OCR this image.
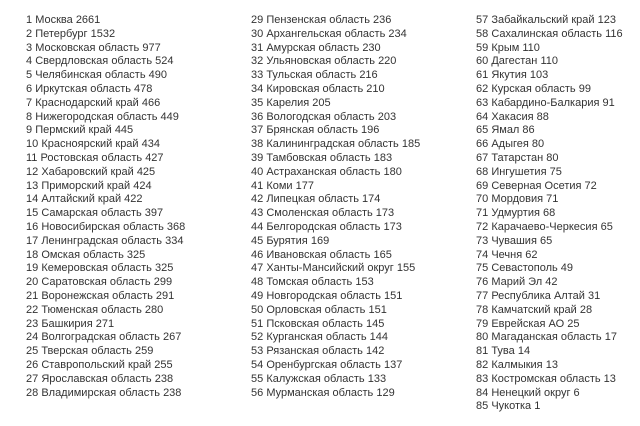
1 Москва 2661
2 Петербург 1532
3 Московская область 977
4 Свердловская область 524
5 Челябинская область 490
6 Иркутская область 478
7 Краснодарский край 466
8 Нижегородская область 449
9 Пермский край 445
10 Красноярский край 434
11 Ростовская область 427
12 Хабаровский край 425
13 Приморский край 424
14 Алтайский край 422
15 Самарская область 397
16 Новосибирская область 368
17 Ленинградская область 334
18 Омская область 325
19 Кемеровская область 325
20 Саратовская область 299
21 Воронежская область 291
22 Тюменская область 280
23 Башкирия 271
24 Волгоградская область 267
25 Тверская область 259
26 Ставропольский край 255
27 Ярославская область 238
28 Владимирская область 238
29 Пензенская область 236
30 Архангельская область 234
31 Амурская область 230
32 Ульяновская область 220
33 Тульская область 216
34 Кировская область 210
35 Карелия 205
36 Вологодская область 203
37 Брянская область 196
38 Калининградская область 185
39 Тамбовская область 183
40 Астраханская область 180
41 Коми 177
42 Липецкая область 174
43 Смоленская область 173
44 Белгородская область 173
45 Бурятия 169
46 Ивановская область 165
47 Ханты-Мансийский округ 155
48 Томская область 153
49 Новгородская область 151
50 Орловская область 151
51 Псковская область 145
52 Курганская область 144
53 Рязанская область 142
54 Оренбургская область 137
55 Калужская область 133
56 Мурманская область 129
57 Забайкальский край 123
58 Сахалинская область 116
59 Крым 110
60 Дагестан 110
61 Якутия 103
62 Курская область 99
63 Кабардино-Балкария 91
64 Хакасия 88
65 Ямал 86
66 Адыгея 80
67 Татарстан 80
68 Ингушетия 75
69 Северная Осетия 72
70 Мордовия 71
71 Удмуртия 68
72 Карачаево-Черкесия 65
73 Чувашия 65
74 Чечня 62
75 Севастополь 49
76 Марий Эл 42
77 Республика Алтай 31
78 Камчатский край 28
79 Еврейская АО 25
80 Магаданская область 17
81 Тува 14
82 Калмыкия 13
83 Костромская область 13
84 Ненецкий округ 6
85 Чукотка 1
